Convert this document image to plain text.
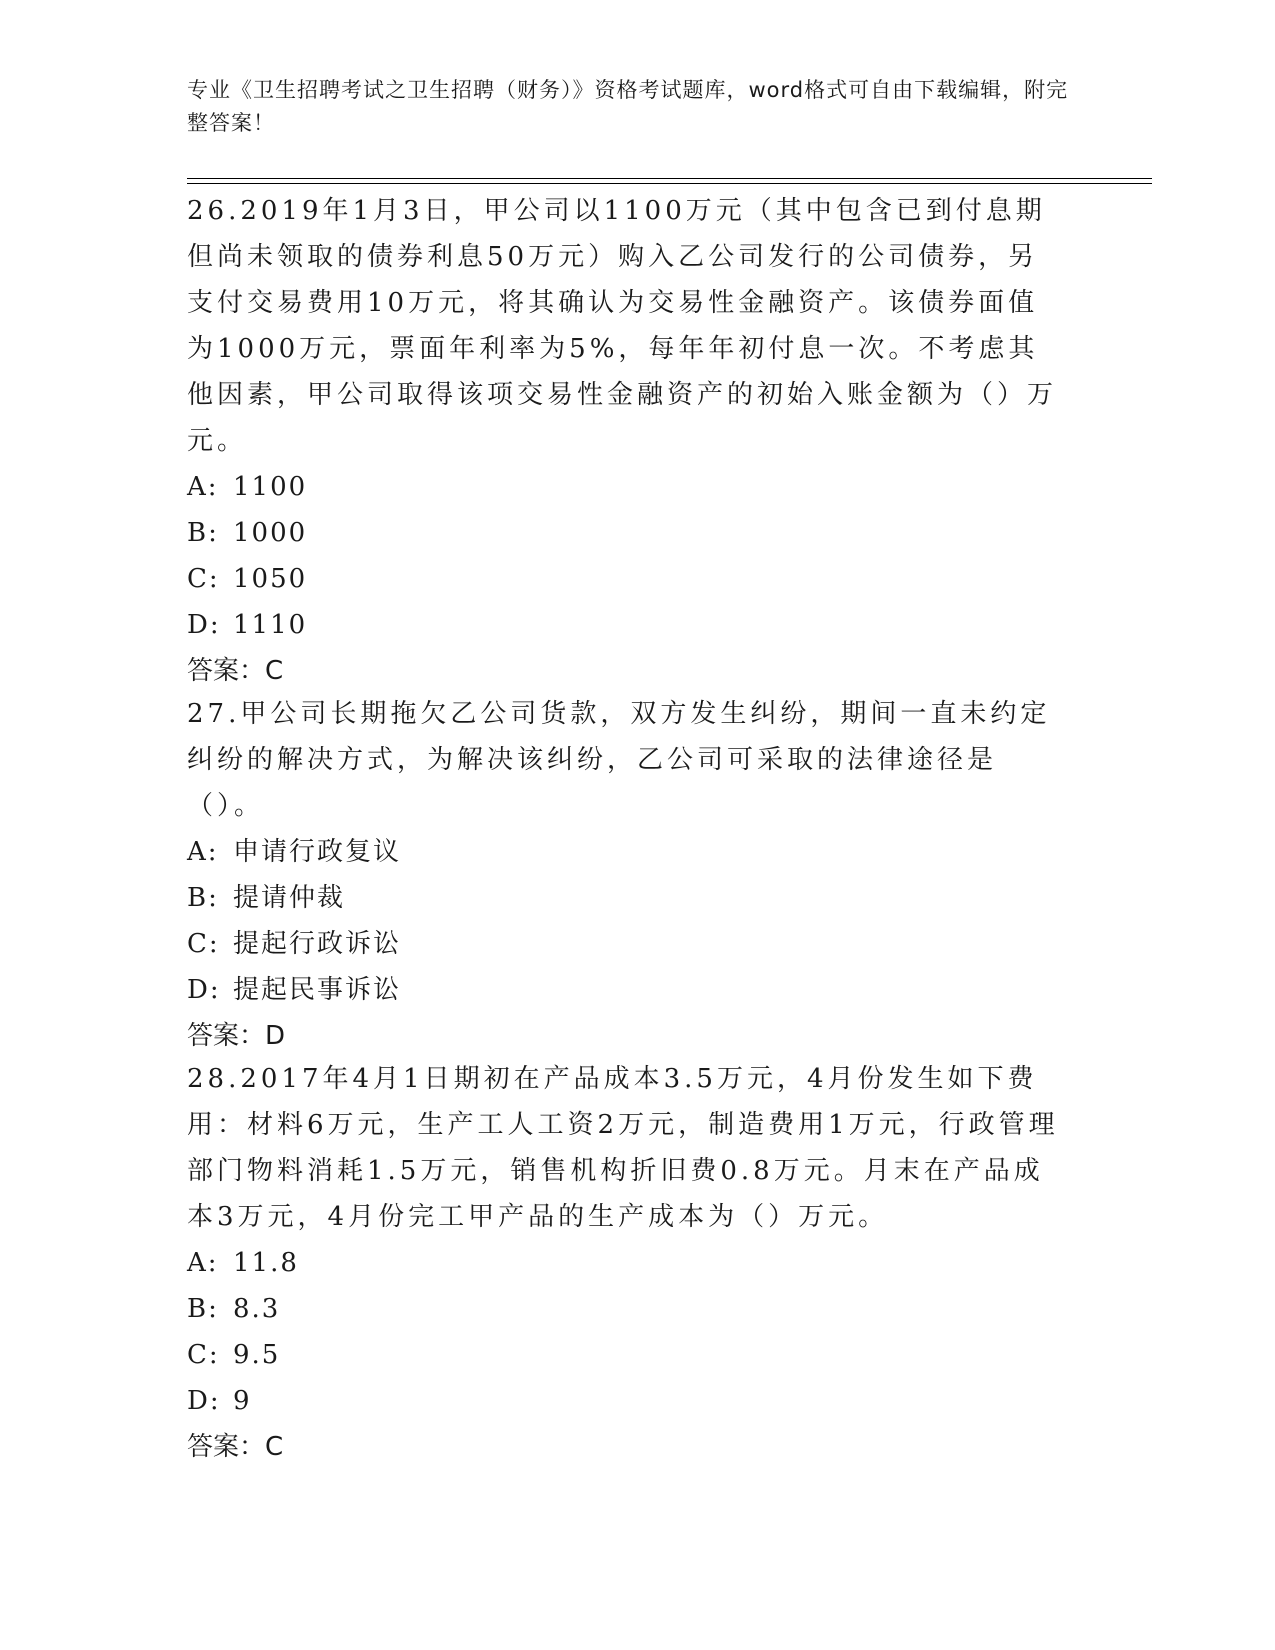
专业《卫生招聘考试之卫生招聘（财务）》资格考试题库，word格式可自由下载编辑，附完整答案！

26.2019年1月3日，甲公司以1100万元（其中包含已到付息期但尚未领取的债券利息50万元）购入乙公司发行的公司债券，另支付交易费用10万元，将其确认为交易性金融资产。该债券面值为1000万元，票面年利率为5%，每年年初付息一次。不考虑其他因素，甲公司取得该项交易性金融资产的初始入账金额为（）万元。

A: 1100
B: 1000
C: 1050
D: 1110
答案：C

27.甲公司长期拖欠乙公司货款，双方发生纠纷，期间一直未约定纠纷的解决方式，为解决该纠纷，乙公司可采取的法律途径是（）。

A: 申请行政复议
B: 提请仲裁
C: 提起行政诉讼
D: 提起民事诉讼
答案：D

28.2017年4月1日期初在产品成本3.5万元，4月份发生如下费用：材料6万元，生产工人工资2万元，制造费用1万元，行政管理部门物料消耗1.5万元，销售机构折旧费0.8万元。月末在产品成本3万元，4月份完工甲产品的生产成本为（）万元。

A: 11.8
B: 8.3
C: 9.5
D: 9
答案：C
